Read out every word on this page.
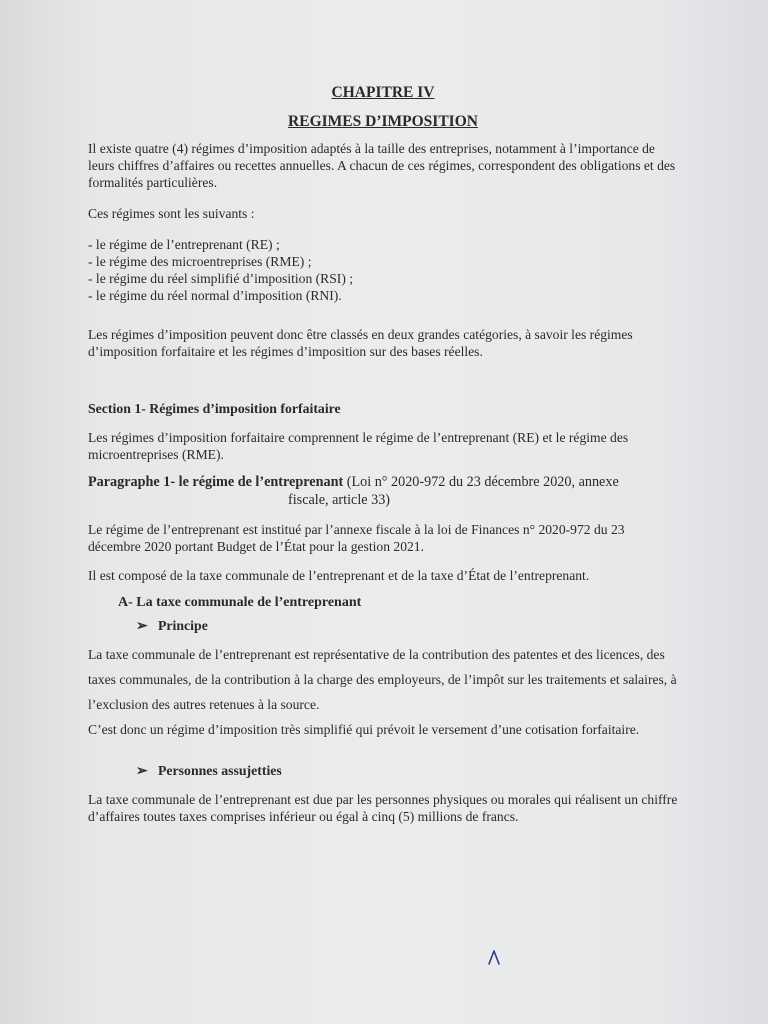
CHAPITRE IV
REGIMES D’IMPOSITION

Il existe quatre (4) régimes d’imposition adaptés à la taille des entreprises, notamment à l’importance de leurs chiffres d’affaires ou recettes annuelles. A chacun de ces régimes, correspondent des obligations et des formalités particulières.

Ces régimes sont les suivants :

- le régime de l’entreprenant (RE) ;
- le régime des microentreprises (RME) ;
- le régime du réel simplifié d’imposition (RSI) ;
- le régime du réel normal d’imposition (RNI).

Les régimes d’imposition peuvent donc être classés en deux grandes catégories, à savoir les régimes d’imposition forfaitaire et les régimes d’imposition sur des bases réelles.

Section 1- Régimes d’imposition forfaitaire

Les régimes d’imposition forfaitaire comprennent le régime de l’entreprenant (RE) et le régime des microentreprises (RME).

Paragraphe 1- le régime de l’entreprenant (Loi n° 2020-972 du 23 décembre 2020, annexe
fiscale, article 33)

Le régime de l’entreprenant est institué par l’annexe fiscale à la loi de Finances n° 2020-972 du 23 décembre 2020 portant Budget de l’État pour la gestion 2021.

Il est composé de la taxe communale de l’entreprenant et de la taxe d’État de l’entreprenant.

A- La taxe communale de l’entreprenant
➢ Principe

La taxe communale de l’entreprenant est représentative de la contribution des patentes et des licences, des taxes communales, de la contribution à la charge des employeurs, de l’impôt sur les traitements et salaires, à l’exclusion des autres retenues à la source.

C’est donc un régime d’imposition très simplifié qui prévoit le versement d’une cotisation forfaitaire.

➢ Personnes assujetties

La taxe communale de l’entreprenant est due par les personnes physiques ou morales qui réalisent un chiffre d’affaires toutes taxes comprises inférieur ou égal à cinq (5) millions de francs.
